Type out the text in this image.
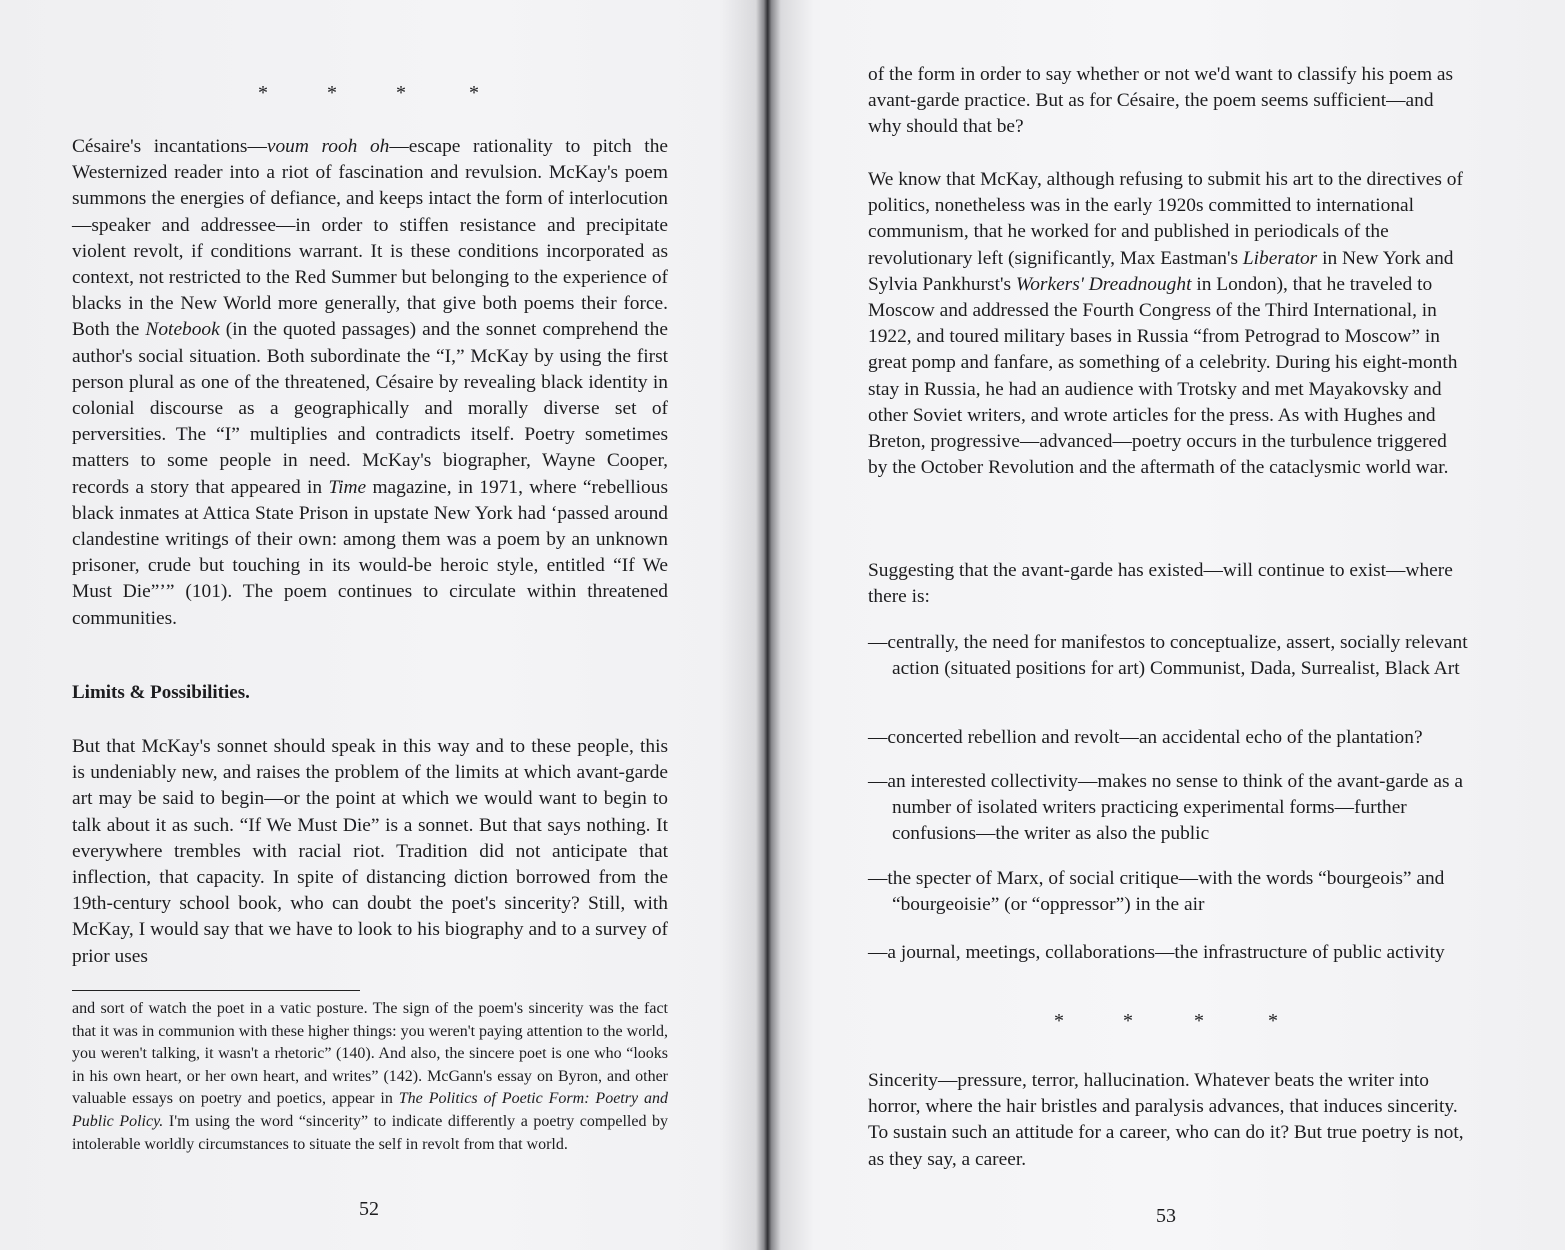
*	*	*	*

Césaire's incantations—voum rooh oh—escape rationality to pitch the Westernized reader into a riot of fascination and revulsion. McKay's poem summons the energies of defiance, and keeps intact the form of interlocution—speaker and addressee—in order to stiffen resistance and precipitate violent revolt, if conditions warrant. It is these conditions incorporated as context, not restricted to the Red Summer but belonging to the experience of blacks in the New World more generally, that give both poems their force. Both the Notebook (in the quoted passages) and the sonnet comprehend the author's social situation. Both subordinate the “I,” McKay by using the first person plural as one of the threatened, Césaire by revealing black identity in colonial discourse as a geographically and morally diverse set of perversities. The “I” multiplies and contradicts itself. Poetry sometimes matters to some people in need. McKay's biographer, Wayne Cooper, records a story that appeared in Time magazine, in 1971, where “rebellious black inmates at Attica State Prison in upstate New York had ‘passed around clandestine writings of their own: among them was a poem by an unknown prisoner, crude but touching in its would-be heroic style, entitled “If We Must Die”’” (101). The poem continues to circulate within threatened communities.

Limits & Possibilities.

But that McKay's sonnet should speak in this way and to these people, this is undeniably new, and raises the problem of the limits at which avant-garde art may be said to begin—or the point at which we would want to begin to talk about it as such. “If We Must Die” is a sonnet. But that says nothing. It everywhere trembles with racial riot. Tradition did not anticipate that inflection, that capacity. In spite of distancing diction borrowed from the 19th-century school book, who can doubt the poet's sincerity? Still, with McKay, I would say that we have to look to his biography and to a survey of prior uses

and sort of watch the poet in a vatic posture. The sign of the poem's sincerity was the fact that it was in communion with these higher things: you weren't paying attention to the world, you weren't talking, it wasn't a rhetoric” (140). And also, the sincere poet is one who “looks in his own heart, or her own heart, and writes” (142). McGann's essay on Byron, and other valuable essays on poetry and poetics, appear in The Politics of Poetic Form: Poetry and Public Policy. I'm using the word “sincerity” to indicate differently a poetry compelled by intolerable worldly circumstances to situate the self in revolt from that world.

52

of the form in order to say whether or not we'd want to classify his poem as avant-garde practice. But as for Césaire, the poem seems sufficient—and why should that be?

We know that McKay, although refusing to submit his art to the directives of politics, nonetheless was in the early 1920s committed to international communism, that he worked for and published in periodicals of the revolutionary left (significantly, Max Eastman's Liberator in New York and Sylvia Pankhurst's Workers' Dreadnought in London), that he traveled to Moscow and addressed the Fourth Congress of the Third International, in 1922, and toured military bases in Russia “from Petrograd to Moscow” in great pomp and fanfare, as something of a celebrity. During his eight-month stay in Russia, he had an audience with Trotsky and met Mayakovsky and other Soviet writers, and wrote articles for the press. As with Hughes and Breton, progressive—advanced—poetry occurs in the turbulence triggered by the October Revolution and the aftermath of the cataclysmic world war.

Suggesting that the avant-garde has existed—will continue to exist—where there is:

—centrally, the need for manifestos to conceptualize, assert, socially relevant action (situated positions for art) Communist, Dada, Surrealist, Black Art

—concerted rebellion and revolt—an accidental echo of the plantation?

—an interested collectivity—makes no sense to think of the avant-garde as a number of isolated writers practicing experimental forms—further confusions—the writer as also the public

—the specter of Marx, of social critique—with the words “bourgeois” and “bourgeoisie” (or “oppressor”) in the air

—a journal, meetings, collaborations—the infrastructure of public activity

*	*	*	*

Sincerity—pressure, terror, hallucination. Whatever beats the writer into horror, where the hair bristles and paralysis advances, that induces sincerity. To sustain such an attitude for a career, who can do it? But true poetry is not, as they say, a career.

53
